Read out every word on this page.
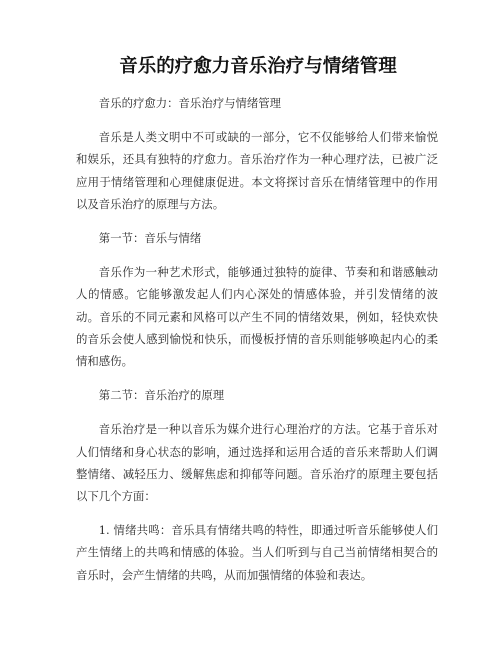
音乐的疗愈力音乐治疗与情绪管理

音乐的疗愈力：音乐治疗与情绪管理

音乐是人类文明中不可或缺的一部分，它不仅能够给人们带来愉悦和娱乐，还具有独特的疗愈力。音乐治疗作为一种心理疗法，已被广泛应用于情绪管理和心理健康促进。本文将探讨音乐在情绪管理中的作用以及音乐治疗的原理与方法。

第一节：音乐与情绪

音乐作为一种艺术形式，能够通过独特的旋律、节奏和和谐感触动人的情感。它能够激发起人们内心深处的情感体验，并引发情绪的波动。音乐的不同元素和风格可以产生不同的情绪效果，例如，轻快欢快的音乐会使人感到愉悦和快乐，而慢板抒情的音乐则能够唤起内心的柔情和感伤。

第二节：音乐治疗的原理

音乐治疗是一种以音乐为媒介进行心理治疗的方法。它基于音乐对人们情绪和身心状态的影响，通过选择和运用合适的音乐来帮助人们调整情绪、减轻压力、缓解焦虑和抑郁等问题。音乐治疗的原理主要包括以下几个方面：

1. 情绪共鸣：音乐具有情绪共鸣的特性，即通过听音乐能够使人们产生情绪上的共鸣和情感的体验。当人们听到与自己当前情绪相契合的音乐时，会产生情绪的共鸣，从而加强情绪的体验和表达。
